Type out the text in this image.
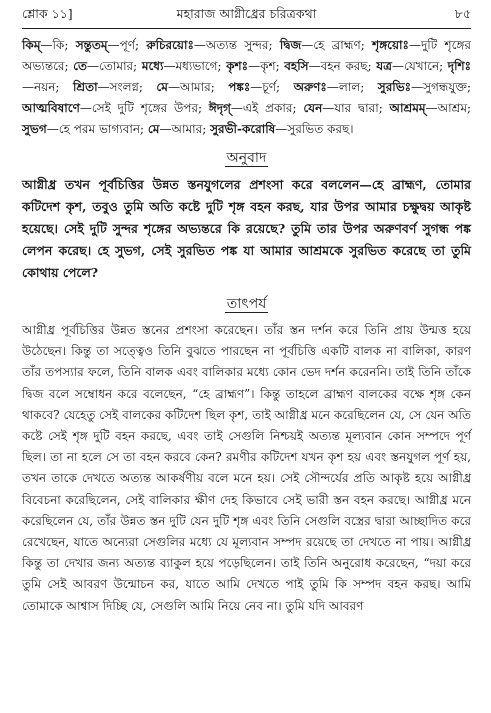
শ্লোক ১১]	মহারাজ আগ্নীধ্রের চরিত্রকথা	৮৫
কিম্—কি; সন্তুতম্—পূর্ণ; রুচিরয়োঃ—অত্যন্ত সুন্দর; দ্বিজ—হে ব্রাহ্মণ; শৃঙ্গয়োঃ—দুটি শৃঙ্গের অভ্যন্তরে; তে—তোমার; মধ্যে—মধ্যভাগে; কৃশঃ—কৃশ; বহসি—বহন করছ; যত্র—যেখানে; দৃশিঃ—নয়ন; শ্রিতা—সংলগ্ন; মে—আমার; পঙ্কঃ—চূর্ণ; অরুণঃ—লাল; সুরভিঃ—সুগন্ধযুক্ত; আত্মবিষাণে—সেই দুটি শৃঙ্গের উপর; ঈদৃগ্—এই প্রকার; যেন—যার দ্বারা; আশ্রমম্—আশ্রম; সুভগ—হে পরম ভাগ্যবান; মে—আমার; সুরভী-করোষি—সুরভিত করছ।
অনুবাদ
আগ্নীধ্র তখন পূর্বচিত্তির উন্নত স্তনযুগলের প্রশংসা করে বললেন—হে ব্রাহ্মণ, তোমার কটিদেশ কৃশ, তবুও তুমি অতি কষ্টে দুটি শৃঙ্গ বহন করছ, যার উপর আমার চক্ষুদ্বয় আকৃষ্ট হয়েছে। সেই দুটি সুন্দর শৃঙ্গের অভ্যন্তরে কি রয়েছে? তুমি তার উপর অরুণবর্ণ সুগন্ধ পঙ্ক লেপন করেছ। হে সুভগ, সেই সুরভিত পঙ্ক যা আমার আশ্রমকে সুরভিত করেছে তা তুমি কোথায় পেলে?
তাৎপর্য
আগ্নীধ্র পূর্বচিত্তির উন্নত স্তনের প্রশংসা করেছেন। তাঁর স্তন দর্শন করে তিনি প্রায় উন্মত্ত হয়ে উঠেছেন। কিন্তু তা সত্ত্বেও তিনি বুঝতে পারছেন না পূর্বচিত্তি একটি বালক না বালিকা, কারণ তাঁর তপস্যার ফলে, তিনি বালক এবং বালিকার মধ্যে কোন ভেদ দর্শন করেননি। তাই তিনি তাঁকে দ্বিজ বলে সম্বোধন করে বলেছেন, “হে ব্রাহ্মণ”। কিন্তু তাহলে ব্রাহ্মণ বালকের বক্ষে শৃঙ্গ কেন থাকবে? যেহেতু সেই বালকের কটিদেশ ছিল কৃশ, তাই আগ্নীধ্র মনে করেছিলেন যে, সে যেন অতি কষ্টে সেই শৃঙ্গ দুটি বহন করছে, এবং তাই সেগুলি নিশ্চয়ই অত্যন্ত মূল্যবান কোন সম্পদে পূর্ণ ছিল। তা না হলে সে তা বহন করবে কেন? রমণীর কটিদেশ যখন কৃশ হয় এবং স্তনযুগল পূর্ণ হয়, তখন তাকে দেখতে অত্যন্ত আকর্ষণীয় বলে মনে হয়। সেই সৌন্দর্যের প্রতি আকৃষ্ট হয়ে আগ্নীধ্র বিবেচনা করেছিলেন, সেই বালিকার ক্ষীণ দেহ কিভাবে সেই ভারী স্তন বহন করছে। আগ্নীধ্র মনে করেছিলেন যে, তাঁর উন্নত স্তন দুটি যেন দুটি শৃঙ্গ এবং তিনি সেগুলি বস্ত্রের দ্বারা আচ্ছাদিত করে রেখেছেন, যাতে অন্যেরা সেগুলির মধ্যে যে মূল্যবান সম্পদ রয়েছে তা দেখতে না পায়। আগ্নীধ্র কিন্তু তা দেখার জন্য অত্যন্ত ব্যাকুল হয়ে পড়েছিলেন। তাই তিনি অনুরোধ করেছেন, “দয়া করে তুমি সেই আবরণ উন্মোচন কর, যাতে আমি দেখতে পাই তুমি কি সম্পদ বহন করছ। আমি তোমাকে আশ্বাস দিচ্ছি যে, সেগুলি আমি নিয়ে নেব না। তুমি যদি আবরণ
